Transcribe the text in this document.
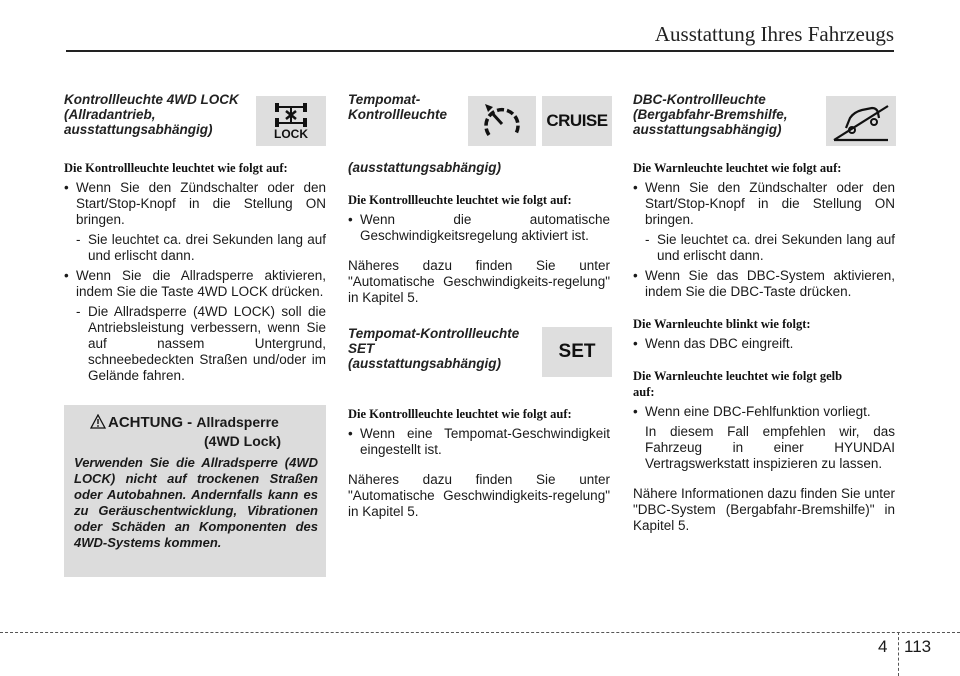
Ausstattung Ihres Fahrzeugs
Kontrollleuchte 4WD LOCK
(Allradantrieb,
ausstattungsabhängig)
Die Kontrollleuchte leuchtet wie folgt auf:
• Wenn Sie den Zündschalter oder den Start/Stop-Knopf in die Stellung ON bringen.
- Sie leuchtet ca. drei Sekunden lang auf und erlischt dann.
• Wenn Sie die Allradsperre aktivieren, indem Sie die Taste 4WD LOCK drücken.
- Die Allradsperre (4WD LOCK) soll die Antriebsleistung verbessern, wenn Sie auf nassem Untergrund, schneebedeckten Straßen und/oder im Gelände fahren.
LOCK
ACHTUNG - Allradsperre
(4WD Lock)
Verwenden Sie die Allradsperre (4WD LOCK) nicht auf trockenen Straßen oder Autobahnen. Andernfalls kann es zu Geräuschentwicklung, Vibrationen oder Schäden an Komponenten des 4WD-Systems kommen.
Tempomat-
Kontrollleuchte
(ausstattungsabhängig)
Die Kontrollleuchte leuchtet wie folgt auf:
• Wenn die automatische Geschwindigkeitsregelung aktiviert ist.
Näheres dazu finden Sie unter "Automatische Geschwindigkeits-regelung" in Kapitel 5.
Tempomat-Kontrollleuchte
SET
(ausstattungsabhängig)
Die Kontrollleuchte leuchtet wie folgt auf:
• Wenn eine Tempomat-Geschwindigkeit eingestellt ist.
Näheres dazu finden Sie unter "Automatische Geschwindigkeits-regelung" in Kapitel 5.
CRUISE
SET
DBC-Kontrollleuchte
(Bergabfahr-Bremshilfe,
ausstattungsabhängig)
Die Warnleuchte leuchtet wie folgt auf:
• Wenn Sie den Zündschalter oder den Start/Stop-Knopf in die Stellung ON bringen.
- Sie leuchtet ca. drei Sekunden lang auf und erlischt dann.
• Wenn Sie das DBC-System aktivieren, indem Sie die DBC-Taste drücken.
Die Warnleuchte blinkt wie folgt:
• Wenn das DBC eingreift.
Die Warnleuchte leuchtet wie folgt gelb
auf:
• Wenn eine DBC-Fehlfunktion vorliegt.
In diesem Fall empfehlen wir, das Fahrzeug in einer HYUNDAI Vertragswerkstatt inspizieren zu lassen.
Nähere Informationen dazu finden Sie unter "DBC-System (Bergabfahr-Bremshilfe)" in Kapitel 5.
4 113
